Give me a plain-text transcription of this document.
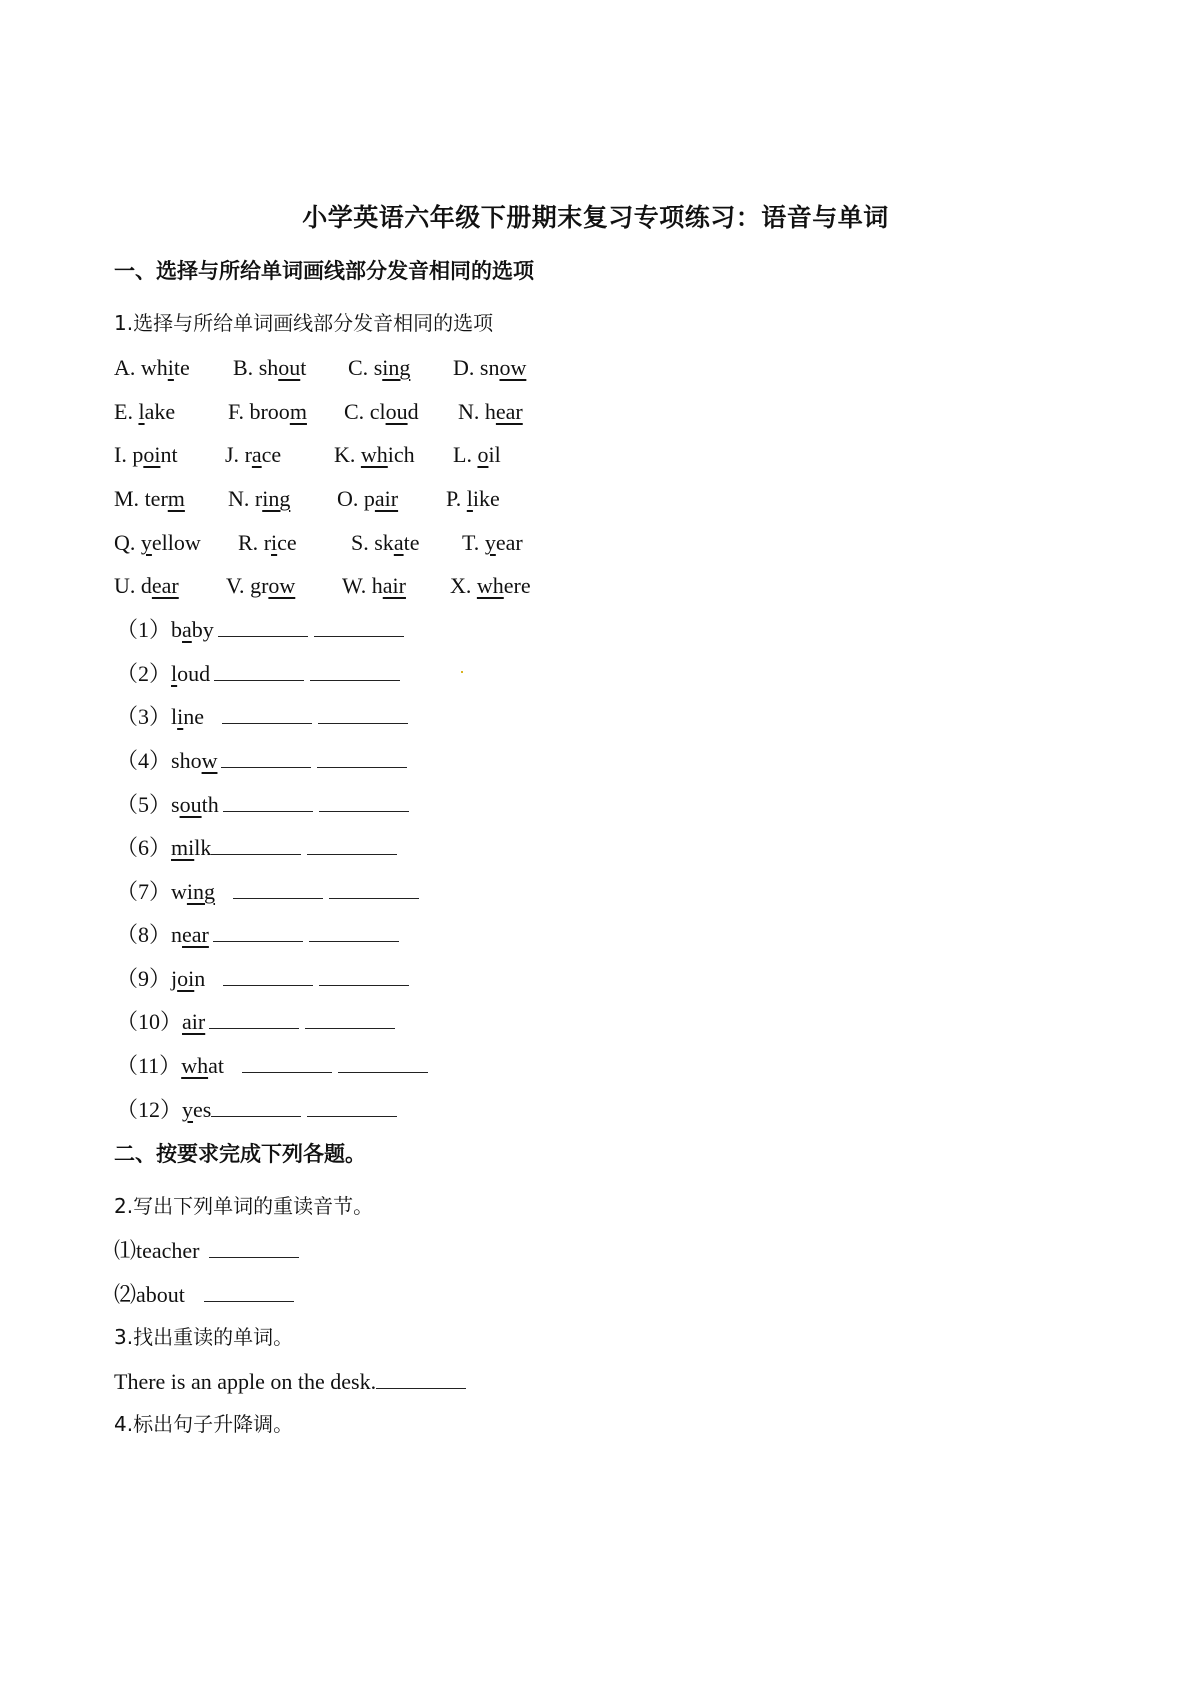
小学英语六年级下册期末复习专项练习：语音与单词
一、选择与所给单词画线部分发音相同的选项
1.选择与所给单词画线部分发音相同的选项
A. white B. shout C. sing D. snow
E. lake F. broom C. cloud N. hear
I. point J. race K. which L. oil
M. term N. ring O. pair P. like
Q. yellow R. rice S. skate T. year
U. dear V. grow W. hair X. where
（1）baby
（2）loud
（3）line
（4）show
（5）south
（6）milk
（7）wing
（8）near
（9）join
（10）air
（11）what
（12）yes
二、按要求完成下列各题。
2.写出下列单词的重读音节。
⑴teacher
⑵about
3.找出重读的单词。
There is an apple on the desk.
4.标出句子升降调。
